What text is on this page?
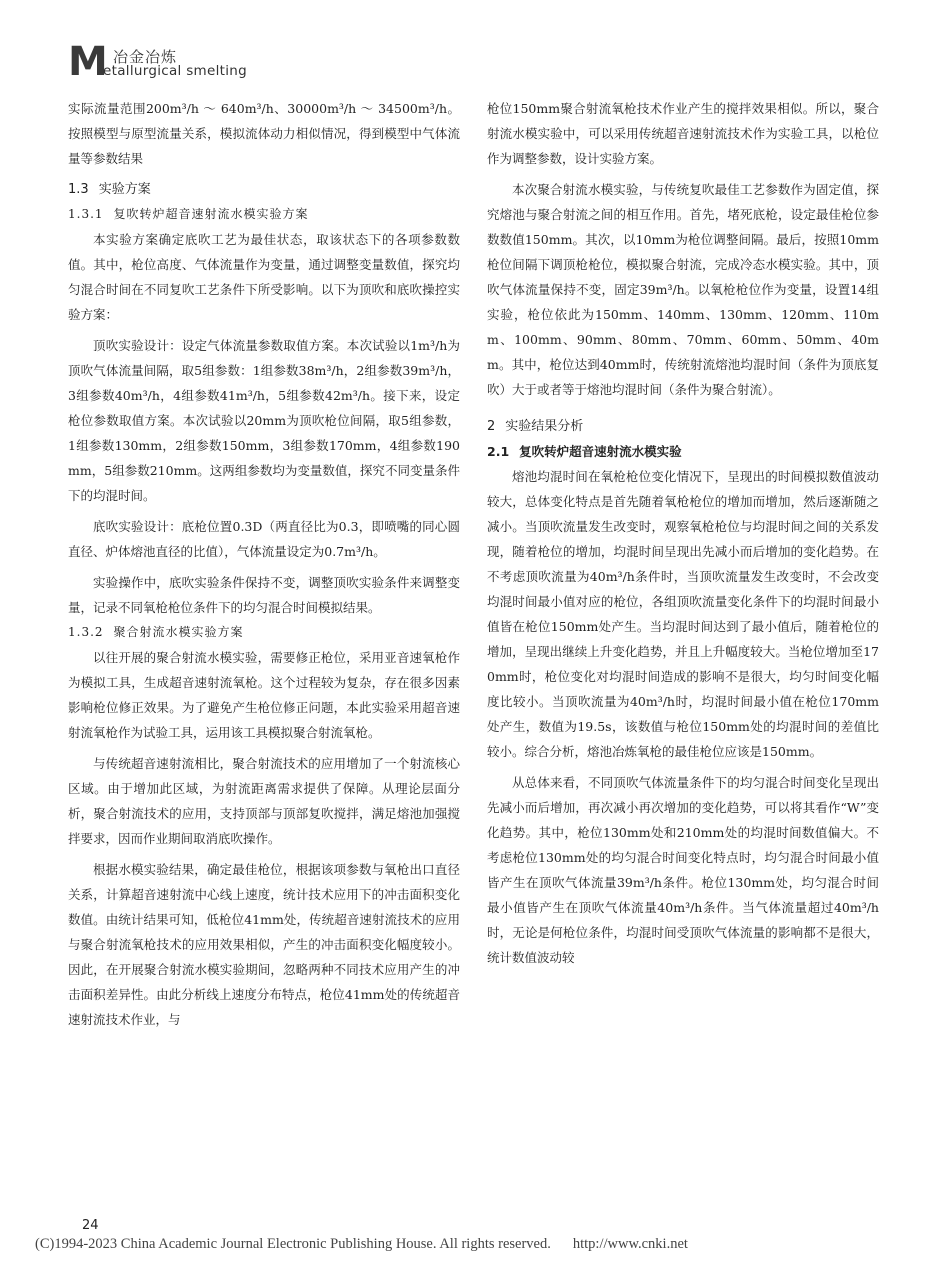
M 冶金冶炼
etallurgical smelting

实际流量范围200m³/h ～ 640m³/h、30000m³/h ～ 34500m³/h。按照模型与原型流量关系，模拟流体动力相似情况，得到模型中气体流量等参数结果

1.3 实验方案
1.3.1 复吹转炉超音速射流水模实验方案

本实验方案确定底吹工艺为最佳状态，取该状态下的各项参数数值。其中，枪位高度、气体流量作为变量，通过调整变量数值，探究均匀混合时间在不同复吹工艺条件下所受影响。以下为顶吹和底吹操控实验方案：

顶吹实验设计：设定气体流量参数取值方案。本次试验以1m³/h为顶吹气体流量间隔，取5组参数：1组参数38m³/h，2组参数39m³/h，3组参数40m³/h，4组参数41m³/h，5组参数42m³/h。接下来，设定枪位参数取值方案。本次试验以20mm为顶吹枪位间隔，取5组参数，1组参数130mm，2组参数150mm，3组参数170mm，4组参数190mm，5组参数210mm。这两组参数均为变量数值，探究不同变量条件下的均混时间。

底吹实验设计：底枪位置0.3D（两直径比为0.3，即喷嘴的同心圆直径、炉体熔池直径的比值），气体流量设定为0.7m³/h。

实验操作中，底吹实验条件保持不变，调整顶吹实验条件来调整变量，记录不同氧枪枪位条件下的均匀混合时间模拟结果。

1.3.2 聚合射流水模实验方案

以往开展的聚合射流水模实验，需要修正枪位，采用亚音速氧枪作为模拟工具，生成超音速射流氧枪。这个过程较为复杂，存在很多因素影响枪位修正效果。为了避免产生枪位修正问题，本此实验采用超音速射流氧枪作为试验工具，运用该工具模拟聚合射流氧枪。

与传统超音速射流相比，聚合射流技术的应用增加了一个射流核心区域。由于增加此区域，为射流距离需求提供了保障。从理论层面分析，聚合射流技术的应用，支持顶部与顶部复吹搅拌，满足熔池加强搅拌要求，因而作业期间取消底吹操作。

根据水模实验结果，确定最佳枪位，根据该项参数与氧枪出口直径关系，计算超音速射流中心线上速度，统计技术应用下的冲击面积变化数值。由统计结果可知，低枪位41mm处，传统超音速射流技术的应用与聚合射流氧枪技术的应用效果相似，产生的冲击面积变化幅度较小。因此，在开展聚合射流水模实验期间，忽略两种不同技术应用产生的冲击面积差异性。由此分析线上速度分布特点，枪位41mm处的传统超音速射流技术作业，与

枪位150mm聚合射流氧枪技术作业产生的搅拌效果相似。所以，聚合射流水模实验中，可以采用传统超音速射流技术作为实验工具，以枪位作为调整参数，设计实验方案。

本次聚合射流水模实验，与传统复吹最佳工艺参数作为固定值，探究熔池与聚合射流之间的相互作用。首先，堵死底枪，设定最佳枪位参数数值150mm。其次，以10mm为枪位调整间隔。最后，按照10mm枪位间隔下调顶枪枪位，模拟聚合射流，完成冷态水模实验。其中，顶吹气体流量保持不变，固定39m³/h。以氧枪枪位作为变量，设置14组实验，枪位依此为150mm、140mm、130mm、120mm、110mm、100mm、90mm、80mm、70mm、60mm、50mm、40mm。其中，枪位达到40mm时，传统射流熔池均混时间（条件为顶底复吹）大于或者等于熔池均混时间（条件为聚合射流）。

2 实验结果分析
2.1 复吹转炉超音速射流水模实验

熔池均混时间在氧枪枪位变化情况下，呈现出的时间模拟数值波动较大，总体变化特点是首先随着氧枪枪位的增加而增加，然后逐渐随之减小。当顶吹流量发生改变时，观察氧枪枪位与均混时间之间的关系发现，随着枪位的增加，均混时间呈现出先减小而后增加的变化趋势。在不考虑顶吹流量为40m³/h条件时，当顶吹流量发生改变时，不会改变均混时间最小值对应的枪位，各组顶吹流量变化条件下的均混时间最小值皆在枪位150mm处产生。当均混时间达到了最小值后，随着枪位的增加，呈现出继续上升变化趋势，并且上升幅度较大。当枪位增加至170mm时，枪位变化对均混时间造成的影响不是很大，均匀时间变化幅度比较小。当顶吹流量为40m³/h时，均混时间最小值在枪位170mm处产生，数值为19.5s，该数值与枪位150mm处的均混时间的差值比较小。综合分析，熔池冶炼氧枪的最佳枪位应该是150mm。

从总体来看，不同顶吹气体流量条件下的均匀混合时间变化呈现出先减小而后增加，再次减小再次增加的变化趋势，可以将其看作“W”变化趋势。其中，枪位130mm处和210mm处的均混时间数值偏大。不考虑枪位130mm处的均匀混合时间变化特点时，均匀混合时间最小值皆产生在顶吹气体流量39m³/h条件。枪位130mm处，均匀混合时间最小值皆产生在顶吹气体流量40m³/h条件。当气体流量超过40m³/h时，无论是何枪位条件，均混时间受顶吹气体流量的影响都不是很大，统计数值波动较

24
(C)1994-2023 China Academic Journal Electronic Publishing House. All rights reserved. http://www.cnki.net
